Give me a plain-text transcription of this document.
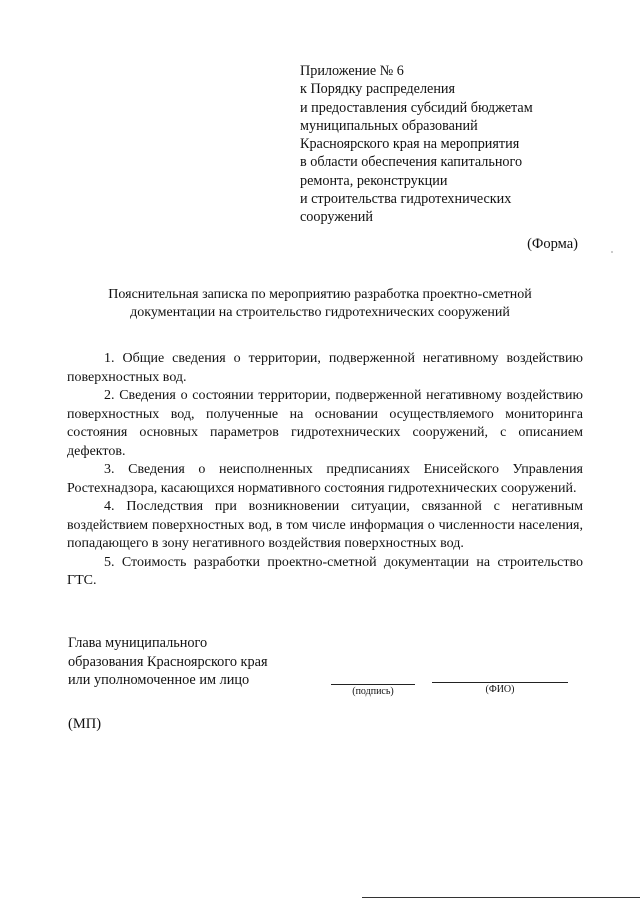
Приложение № 6
к Порядку распределения
и предоставления субсидий бюджетам
муниципальных образований
Красноярского края на мероприятия
в области обеспечения капитального
ремонта, реконструкции
и строительства гидротехнических
сооружений
(Форма)
Пояснительная записка по мероприятию разработка проектно-сметной
документации на строительство гидротехнических сооружений

1. Общие сведения о территории, подверженной негативному воздействию поверхностных вод.

2. Сведения о состоянии территории, подверженной негативному воздействию поверхностных вод, полученные на основании осуществляемого мониторинга состояния основных параметров гидротехнических сооружений, с описанием дефектов.

3. Сведения о неисполненных предписаниях Енисейского Управления Ростехнадзора, касающихся нормативного состояния гидротехнических сооружений.

4. Последствия при возникновении ситуации, связанной с негативным воздействием поверхностных вод, в том числе информация о численности населения, попадающего в зону негативного воздействия поверхностных вод.

5. Стоимость разработки проектно-сметной документации на строительство ГТС.

Глава муниципального
образования Красноярского края
или уполномоченное им лицо
(подпись)	(ФИО)
(МП)
